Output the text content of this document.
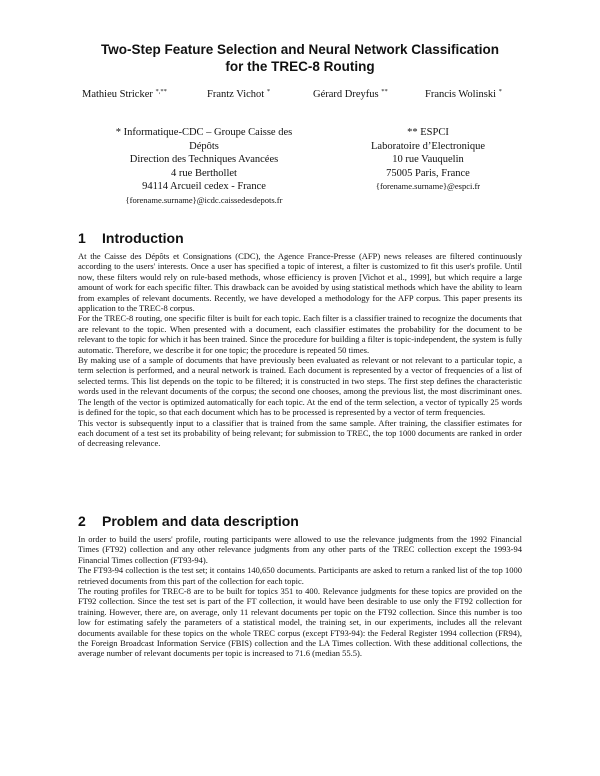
Two-Step Feature Selection and Neural Network Classification
for the TREC-8 Routing
Mathieu Stricker *,**	Frantz Vichot *	Gérard Dreyfus **	Francis Wolinski *
* Informatique-CDC – Groupe Caisse des
Dépôts
Direction des Techniques Avancées
4 rue Berthollet
94114 Arcueil cedex - France
{forename.surname}@icdc.caissedesdepots.fr
** ESPCI
Laboratoire d’Electronique
10 rue Vauquelin
75005 Paris, France
{forename.surname}@espci.fr
1 Introduction

At the Caisse des Dépôts et Consignations (CDC), the Agence France-Presse (AFP) news releases are filtered continuously according to the users' interests. Once a user has specified a topic of interest, a filter is customized to fit this user's profile. Until now, these filters would rely on rule-based methods, whose efficiency is proven [Vichot et al., 1999], but which require a large amount of work for each specific filter. This drawback can be avoided by using statistical methods which have the ability to learn from examples of relevant documents. Recently, we have developed a methodology for the AFP corpus. This paper presents its application to the TREC-8 corpus.

For the TREC-8 routing, one specific filter is built for each topic. Each filter is a classifier trained to recognize the documents that are relevant to the topic. When presented with a document, each classifier estimates the probability for the document to be relevant to the topic for which it has been trained. Since the procedure for building a filter is topic-independent, the system is fully automatic. Therefore, we describe it for one topic; the procedure is repeated 50 times.

By making use of a sample of documents that have previously been evaluated as relevant or not relevant to a particular topic, a term selection is performed, and a neural network is trained. Each document is represented by a vector of frequencies of a list of selected terms. This list depends on the topic to be filtered; it is constructed in two steps. The first step defines the characteristic words used in the relevant documents of the corpus; the second one chooses, among the previous list, the most discriminant ones. The length of the vector is optimized automatically for each topic. At the end of the term selection, a vector of typically 25 words is defined for the topic, so that each document which has to be processed is represented by a vector of term frequencies.

This vector is subsequently input to a classifier that is trained from the same sample. After training, the classifier estimates for each document of a test set its probability of being relevant; for submission to TREC, the top 1000 documents are ranked in order of decreasing relevance.

2 Problem and data description

In order to build the users' profile, routing participants were allowed to use the relevance judgments from the 1992 Financial Times (FT92) collection and any other relevance judgments from any other parts of the TREC collection except the 1993-94 Financial Times collection (FT93-94).

The FT93-94 collection is the test set; it contains 140,650 documents. Participants are asked to return a ranked list of the top 1000 retrieved documents from this part of the collection for each topic.

The routing profiles for TREC-8 are to be built for topics 351 to 400. Relevance judgments for these topics are provided on the FT92 collection. Since the test set is part of the FT collection, it would have been desirable to use only the FT92 collection for training. However, there are, on average, only 11 relevant documents per topic on the FT92 collection. Since this number is too low for estimating safely the parameters of a statistical model, the training set, in our experiments, includes all the relevant documents available for these topics on the whole TREC corpus (except FT93-94): the Federal Register 1994 collection (FR94), the Foreign Broadcast Information Service (FBIS) collection and the LA Times collection. With these additional collections, the average number of relevant documents per topic is increased to 71.6 (median 55.5).
